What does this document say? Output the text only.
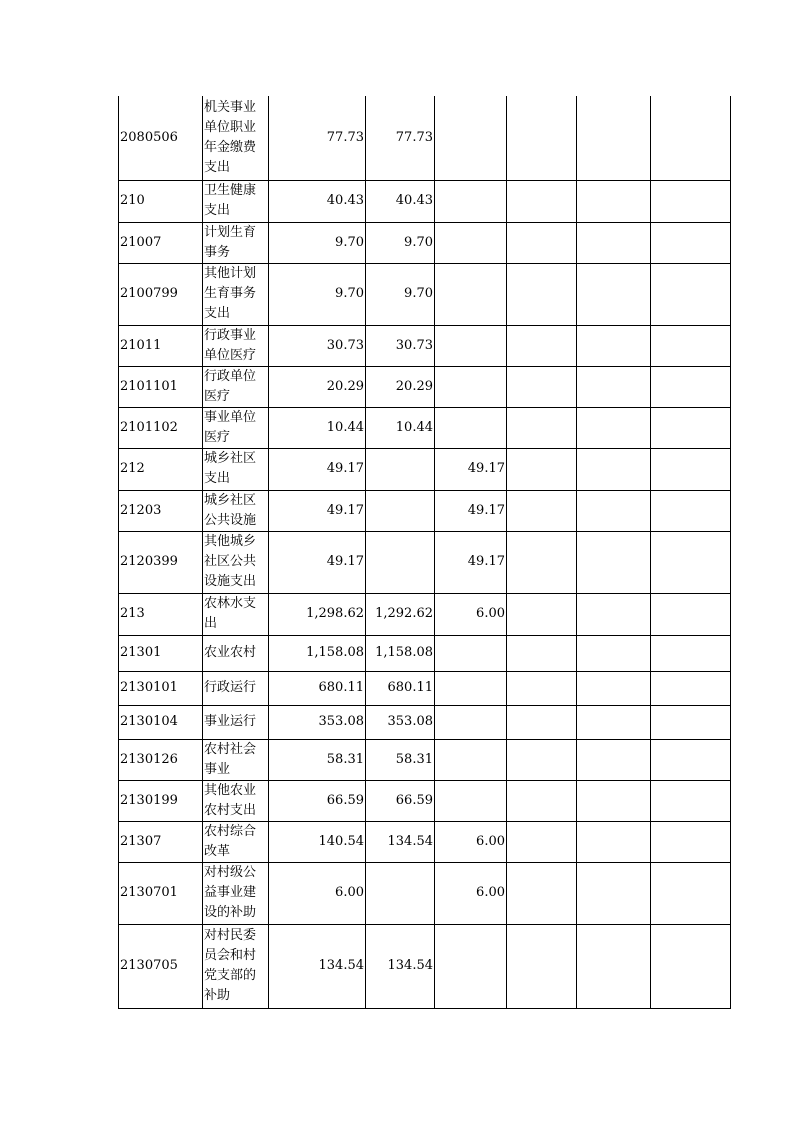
2080506	机关事业单位职业年金缴费支出	77.73	77.73				
210	卫生健康支出	40.43	40.43				
21007	计划生育事务	9.70	9.70				
2100799	其他计划生育事务支出	9.70	9.70				
21011	行政事业单位医疗	30.73	30.73				
2101101	行政单位医疗	20.29	20.29				
2101102	事业单位医疗	10.44	10.44				
212	城乡社区支出	49.17		49.17			
21203	城乡社区公共设施	49.17		49.17			
2120399	其他城乡社区公共设施支出	49.17		49.17			
213	农林水支出	1,298.62	1,292.62	6.00			
21301	农业农村	1,158.08	1,158.08				
2130101	行政运行	680.11	680.11				
2130104	事业运行	353.08	353.08				
2130126	农村社会事业	58.31	58.31				
2130199	其他农业农村支出	66.59	66.59				
21307	农村综合改革	140.54	134.54	6.00			
2130701	对村级公益事业建设的补助	6.00		6.00			
2130705	对村民委员会和村党支部的补助	134.54	134.54				
